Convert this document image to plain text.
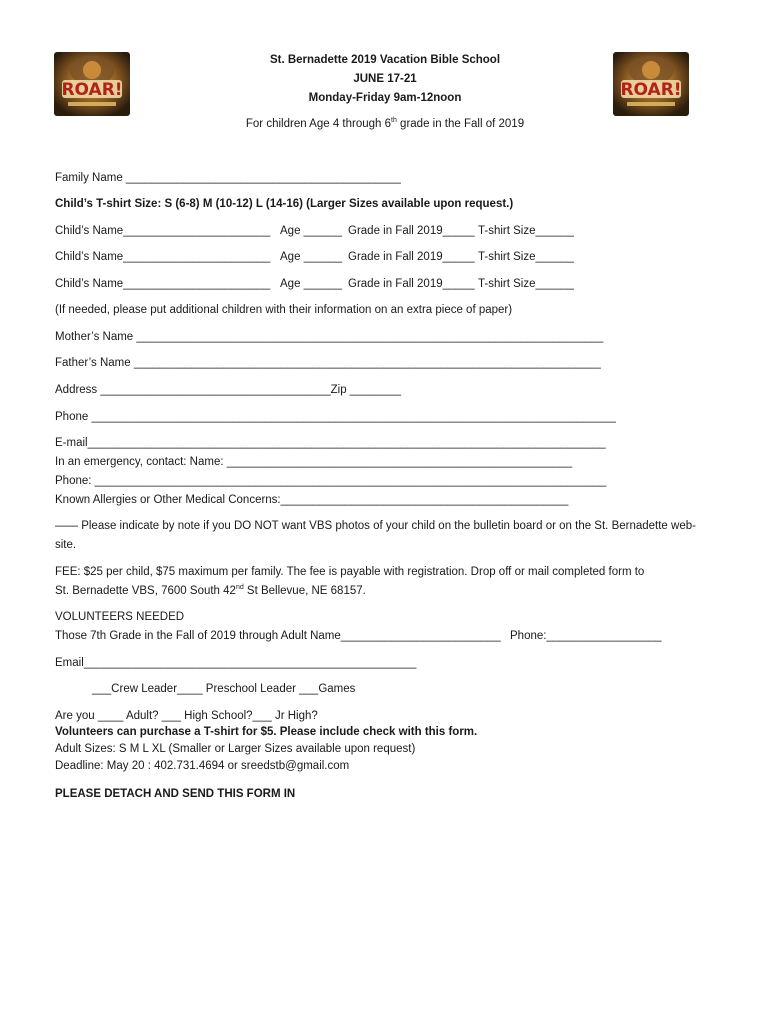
ROAR!	ROAR!
St. Bernadette 2019 Vacation Bible School
JUNE 17-21
Monday-Friday 9am-12noon
For children Age 4 through 6th grade in the Fall of 2019
Family Name ___________________________________________
Child’s T-shirt Size: S (6-8) M (10-12) L (14-16) (Larger Sizes available upon request.)
Child’s Name_______________________ Age ______ Grade in Fall 2019_____ T-shirt Size______
Child’s Name_______________________ Age ______ Grade in Fall 2019_____ T-shirt Size______
Child’s Name_______________________ Age ______ Grade in Fall 2019_____ T-shirt Size______
(If needed, please put additional children with their information on an extra piece of paper)
Mother’s Name _________________________________________________________________________
Father’s Name _________________________________________________________________________
Address ____________________________________Zip ________
Phone __________________________________________________________________________________
E-mail_________________________________________________________________________________
In an emergency, contact: Name: ______________________________________________________
Phone: ________________________________________________________________________________
Known Allergies or Other Medical Concerns:_____________________________________________
—— Please indicate by note if you DO NOT want VBS photos of your child on the bulletin board or on the St. Bernadette web-
site.
FEE: $25 per child, $75 maximum per family. The fee is payable with registration. Drop off or mail completed form to
St. Bernadette VBS, 7600 South 42nd St Bellevue, NE 68157.
VOLUNTEERS NEEDED
Those 7th Grade in the Fall of 2019 through Adult Name_________________________ Phone:__________________
Email____________________________________________________
___Crew Leader____ Preschool Leader ___Games
Are you ____ Adult? ___ High School?___ Jr High?
Volunteers can purchase a T-shirt for $5. Please include check with this form.
Adult Sizes: S M L XL (Smaller or Larger Sizes available upon request)
Deadline: May 20 : 402.731.4694 or sreedstb@gmail.com
PLEASE DETACH AND SEND THIS FORM IN
